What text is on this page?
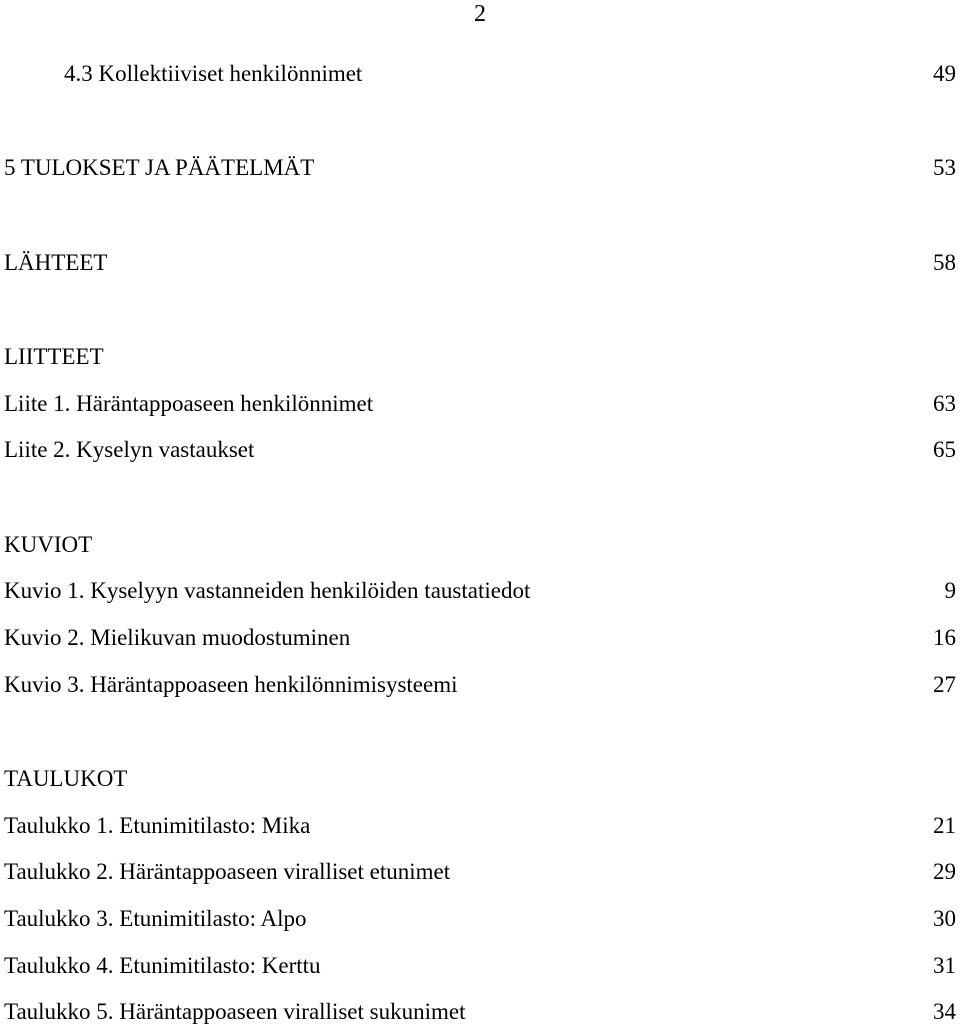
2
4.3 Kollektiiviset henkilönnimet	49
5 TULOKSET JA PÄÄTELMÄT	53
LÄHTEET	58
LIITTEET
Liite 1. Häräntappoaseen henkilönnimet	63
Liite 2. Kyselyn vastaukset	65
KUVIOT
Kuvio 1. Kyselyyn vastanneiden henkilöiden taustatiedot	9
Kuvio 2. Mielikuvan muodostuminen	16
Kuvio 3. Häräntappoaseen henkilönnimisysteemi	27
TAULUKOT
Taulukko 1. Etunimitilasto: Mika	21
Taulukko 2. Häräntappoaseen viralliset etunimet	29
Taulukko 3. Etunimitilasto: Alpo	30
Taulukko 4. Etunimitilasto: Kerttu	31
Taulukko 5. Häräntappoaseen viralliset sukunimet	34
